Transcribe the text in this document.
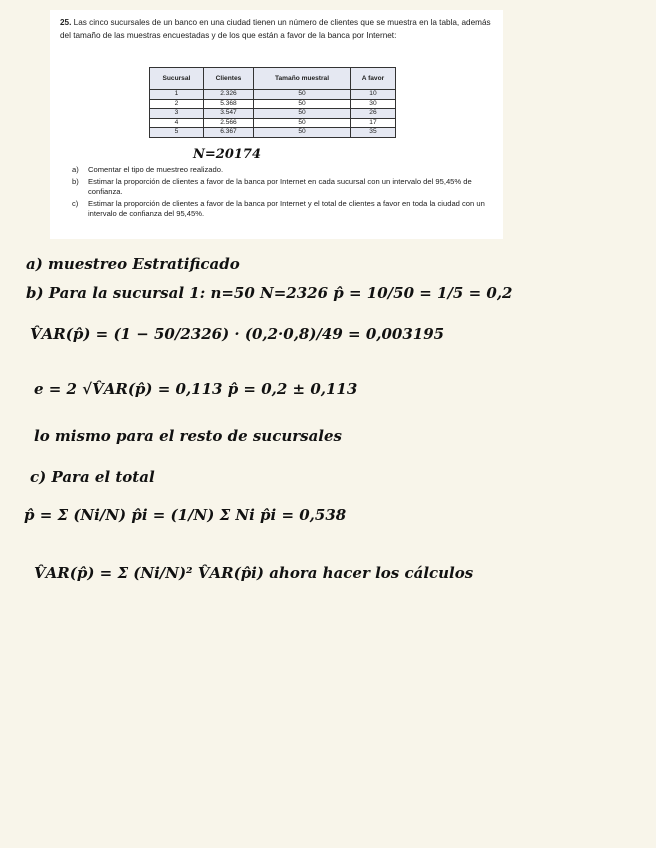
25. Las cinco sucursales de un banco en una ciudad tienen un número de clientes que se muestra en la tabla, además del tamaño de las muestras encuestadas y de los que están a favor de la banca por Internet:

Sucursal	Clientes	Tamaño muestral	A favor
1	2.326	50	10
2	5.368	50	30
3	3.547	50	26
4	2.566	50	17
5	6.367	50	35
a) Comentar el tipo de muestreo realizado.
b) Estimar la proporción de clientes a favor de la banca por Internet en cada sucursal con un intervalo del 95,45% de confianza.
c) Estimar la proporción de clientes a favor de la banca por Internet y el total de clientes a favor en toda la ciudad con un intervalo de confianza del 95,45%.
N=20174
a) muestreo Estratificado
b) Para la sucursal 1: n=50 N=2326 p̂ = 10/50 = 1/5 = 0,2
V̂AR(p̂) = (1 − 50/2326) · (0,2·0,8)/49 = 0,003195
e = 2 √V̂AR(p̂) = 0,113 p̂ = 0,2 ± 0,113
lo mismo para el resto de sucursales
c) Para el total
p̂ = Σ (Ni/N) p̂i = (1/N) Σ Ni p̂i = 0,538
V̂AR(p̂) = Σ (Ni/N)² V̂AR(p̂i) ahora hacer los cálculos
